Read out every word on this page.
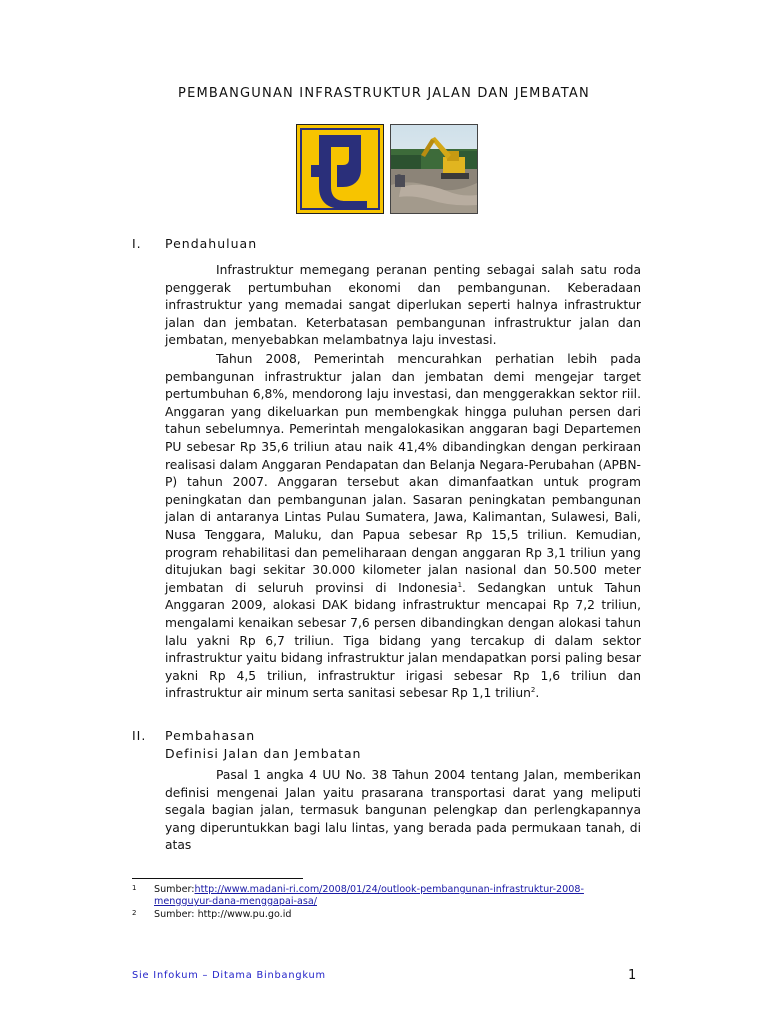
PEMBANGUNAN INFRASTRUKTUR JALAN DAN JEMBATAN
I. Pendahuluan

Infrastruktur memegang peranan penting sebagai salah satu roda penggerak pertumbuhan ekonomi dan pembangunan. Keberadaan infrastruktur yang memadai sangat diperlukan seperti halnya infrastruktur jalan dan jembatan. Keterbatasan pembangunan infrastruktur jalan dan jembatan, menyebabkan melambatnya laju investasi.

Tahun 2008, Pemerintah mencurahkan perhatian lebih pada pembangunan infrastruktur jalan dan jembatan demi mengejar target pertumbuhan 6,8%, mendorong laju investasi, dan menggerakkan sektor riil. Anggaran yang dikeluarkan pun membengkak hingga puluhan persen dari tahun sebelumnya. Pemerintah mengalokasikan anggaran bagi Departemen PU sebesar Rp 35,6 triliun atau naik 41,4% dibandingkan dengan perkiraan realisasi dalam Anggaran Pendapatan dan Belanja Negara-Perubahan (APBN-P) tahun 2007. Anggaran tersebut akan dimanfaatkan untuk program peningkatan dan pembangunan jalan. Sasaran peningkatan pembangunan jalan di antaranya Lintas Pulau Sumatera, Jawa, Kalimantan, Sulawesi, Bali, Nusa Tenggara, Maluku, dan Papua sebesar Rp 15,5 triliun. Kemudian, program rehabilitasi dan pemeliharaan dengan anggaran Rp 3,1 triliun yang ditujukan bagi sekitar 30.000 kilometer jalan nasional dan 50.500 meter jembatan di seluruh provinsi di Indonesia$^1$. Sedangkan untuk Tahun Anggaran 2009, alokasi DAK bidang infrastruktur mencapai Rp 7,2 triliun, mengalami kenaikan sebesar 7,6 persen dibandingkan dengan alokasi tahun lalu yakni Rp 6,7 triliun. Tiga bidang yang tercakup di dalam sektor infrastruktur yaitu bidang infrastruktur jalan mendapatkan porsi paling besar yakni Rp 4,5 triliun, infrastruktur irigasi sebesar Rp 1,6 triliun dan infrastruktur air minum serta sanitasi sebesar Rp 1,1 triliun$^2$.

II. Pembahasan
Definisi Jalan dan Jembatan

Pasal 1 angka 4 UU No. 38 Tahun 2004 tentang Jalan, memberikan definisi mengenai Jalan yaitu prasarana transportasi darat yang meliputi segala bagian jalan, termasuk bangunan pelengkap dan perlengkapannya yang diperuntukkan bagi lalu lintas, yang berada pada permukaan tanah, di atas

1 Sumber:http://www.madani-ri.com/2008/01/24/outlook-pembangunan-infrastruktur-2008-mengguyur-dana-menggapai-asa/
2 Sumber: http://www.pu.go.id
Sie Infokum – Ditama Binbangkum	1
